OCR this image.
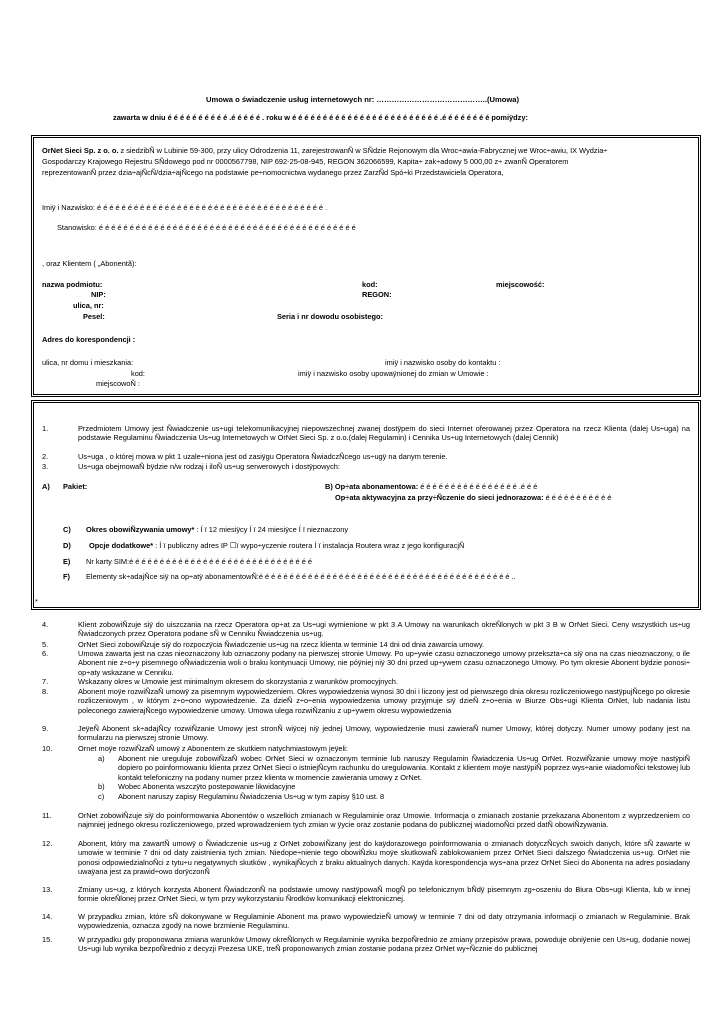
Umowa o świadczenie usług internetowych nr: ……………………………………..(Umowa)
zawarta w dniu é é é é é é é é é é .é é é é é . roku w é é é é é é é é é é é é é é é é é é é é é é é é .é é é é é é é é pomiÿdzy:
OrNet Sieci Sp. z o. o. z siedzibÑ w Lubinie 59-300, przy ulicy Odrodzenia 11, zarejestrowanÑ w SÑdzie Rejonowym dla Wroc÷awia-Fabrycznej we Wroc÷awiu, IX Wydzia÷
Gospodarczy Krajowego Rejestru SÑdowego pod nr 0000567798, NIP 692-25-08-945, REGON 362066599, Kapita÷ zak÷adowy 5 000,00 z÷ zwanÑ Operatorem
reprezentowanÑ przez dzia÷ajÑcÑ/dzia÷ajÑcego na podstawie pe÷nomocnictwa wydanego przez ZarzÑd Spó÷ki Przedstawiciela Operatora,
Imiÿ i Nazwisko: é é é é é é é é é é é é é é é é é é é é é é é é é é é é é é é é é é é é é .
Stanowisko: é é é é é é é é é é é é é é é é é é é é é é é é é é é é é é é é é é é é é é é é é é
, oraz Klientem ( „Abonentã):
nazwa podmiotu:	kod:	miejscowość:
NIP:	REGON:
ulica, nr:
Pesel:	Seria i nr dowodu osobistego:
Adres do korespondencji :
ulica, nr domu i mieszkania:	imiÿ i nazwisko osoby do kontaktu :
kod:	imiÿ i nazwisko osoby upowaÿnionej do zmian w Umowie :
miejscowoÑ :
1.	Przedmiotem Umowy jest Ñwiadczenie us÷ugi telekomunikacyjnej niepowszechnej zwanej dostÿpem do sieci Internet oferowanej przez Operatora na rzecz Klienta (dalej Us÷uga) na podstawie Regulaminu Ñwiadczenia Us÷ug Internetowych w OrNet Sieci Sp. z o.o.(dalej Regulamin) i Cennika Us÷ug Internetowych (dalej Cennik)
2.	Us÷uga , o której mowa w pkt 1 uzale÷niona jest od zasiÿgu Operatora ÑwiadczÑcego us÷ugÿ na danym terenie.
3.	Us÷uga obejmowaÑ bÿdzie n/w rodzaj i iloÑ us÷ug serwerowych i dostÿpowych:
A) Pakiet:	B) Op÷ata abonamentowa: é é é é é é é é é é é é é é é é .é é é
Op÷ata aktywacyjna za przy÷Ñczenie do sieci jednorazowa: é é é é é é é é é é é
C) Okres obowiÑzywania umowy* : Í ï 12 miesiÿcy Í ï 24 miesiÿce Í ï nieznaczony
D) Opcje dodatkowe* : Í ï publiczny adres IP ☐ï wypo÷yczenie routera Í ï instalacja Routera wraz z jego konfiguracjÑ
E) Nr karty SIM:é é é é é é é é é é é é é é é é é é é é é é é é é é é é é é
F) Elementy sk÷adajÑce siÿ na op÷atÿ abonamentowÑ:é é é é é é é é é é é é é é é é é é é é é é é é é é é é é é é é é é é é é é é é é ..
*
4.	Klient zobowiÑzuje siÿ do uiszczania na rzecz Operatora op÷at za Us÷ugi wymienione w pkt 3 A Umowy na warunkach okreÑlonych w pkt 3 B w OrNet Sieci. Ceny wszystkich us÷ug Ñwiadczonych przez Operatora podane sÑ w Cenniku Ñwiadczenia us÷ug.
5.	OrNet Sieci zobowiÑzuje siÿ do rozpoczÿcia Ñwiadczenie us÷ug na rzecz klienta w terminie 14 dni od dnia zawarcia umowy.
6.	Umowa zawarta jest na czas nieoznaczony lub oznaczony podany na pierwszej stronie Umowy. Po up÷ywie czasu oznaczonego umowy przekszta÷ca siÿ ona na czas nieoznaczony, o ile Abonent nie z÷o÷y pisemnego oÑwiadczenia woli o braku kontynuacji Umowy, nie póÿniej niÿ 30 dni przed up÷ywem czasu oznaczonego Umowy. Po tym okresie Abonent bÿdzie ponosi÷ op÷aty wskazane w Cenniku.
7.	Wskazany okres w Umowie jest minimalnym okresem do skorzystania z warunków promocyjnych.
8.	Abonent moÿe rozwiÑzaÑ umowÿ za pisemnym wypowiedzeniem. Okres wypowiedzenia wynosi 30 dni i liczony jest od pierwszego dnia okresu rozliczeniowego nastÿpujÑcego po okresie rozliczeniowym , w którym z÷o÷ono wypowiedzenie. Za dzieÑ z÷o÷enia wypowiedzenia umowy przyjmuje siÿ dzieÑ z÷o÷enia w Biurze Obs÷ugi Klienta OrNet, lub nadania listu poleconego zawierajÑcego wypowiedzenie umowy. Umowa ulega rozwiÑzaniu z up÷ywem okresu wypowiedzenia
9.	JeÿeÑ Abonent sk÷adajÑcy rozwiÑzanie Umowy jest stronÑ wiÿcej niÿ jednej Umowy, wypowiedzenie musi zawieraÑ numer Umowy, której dotyczy. Numer umowy podany jest na formularzu na pierwszej stronie Umowy.
10.	Ornet moÿe rozwiÑzaÑ umowÿ z Abonentem ze skutkiem natychmiastowym jeÿeli:
a) Abonent nie ureguluje zobowiÑzaÑ wobec OrNet Sieci w oznaczonym terminie lub naruszy Regulamin Ñwiadczenia Us÷ug OrNet. RozwiÑzanie umowy moÿe nastÿpiÑ dopiero po poinformowaniu klienta przez OrNet Sieci o istniejÑcym rachunku do uregulowania. Kontakt z klientem moÿe nastÿpiÑ poprzez wys÷anie wiadomoÑci tekstowej lub kontakt telefoniczny na podany numer przez klienta w momencie zawierania umowy z OrNet.
b) Wobec Abonenta wszczÿto postepowanie likwidacyjne
c) Abonent naruszy zapisy Regulaminu Ñwiadczenia Us÷ug w tym zapisy §10 ust. 8
11.	OrNet zobowiÑzuje siÿ do poinformowania Abonentów o wszelkich zmianach w Regulaminie oraz Umowie. Informacja o zmianach zostanie przekazana Abonentom z wyprzedzeniem co najmniej jednego okresu rozliczeniowego, przed wprowadzeniem tych zmian w ÿycie oraz zostanie podana do publicznej wiadomoÑci przed datÑ obowiÑzywania.
12.	Abonent, który ma zawartÑ umowÿ o Ñwiadczenie us÷ug z OrNet zobowiÑzany jest do kaÿdorazowego poinformowania o zmianach dotyczÑcych swoich danych, które sÑ zawarte w umowie w terminie 7 dni od daty zaistnienia tych zmian. Niedope÷nienie tego obowiÑzku moÿe skutkowaÑ zablokowaniem przez OrNet Sieci dalszego Ñwiadczenia us÷ug. OrNet nie ponosi odpowiedzialnoÑci z tytu÷u negatywnych skutków , wynikajÑcych z braku aktualnych danych. Kaÿda korespondencja wys÷ana przez OrNet Sieci do Abonenta na adres posiadany uwaÿana jest za prawid÷owo dorÿczonÑ
13.	Zmiany us÷ug, z których korzysta Abonent ÑwiadczonÑ na podstawie umowy nastÿpowaÑ mogÑ po telefonicznym bÑdÿ pisemnym zg÷oszeniu do Biura Obs÷ugi Klienta, lub w innej formie okreÑlonej przez OrNet Sieci, w tym przy wykorzystaniu Ñrodków komunikacji elektronicznej.
14.	W przypadku zmian, które sÑ dokonywane w Regulaminie Abonent ma prawo wypowiedzieÑ umowÿ w terminie 7 dni od daty otrzymania informacji o zmianach w Regulaminie. Brak wypowiedzenia, oznacza zgodÿ na nowe brzmienie Regulaminu.
15.	W przypadku gdy proponowana zmiana warunków Umowy okreÑlonych w Regulaminie wynika bezpoÑrednio ze zmiany przepisów prawa, powoduje obniÿenie cen Us÷ug, dodanie nowej Us÷ugi lub wynika bezpoÑrednio z decyzji Prezesa UKE, treÑ proponowanych zmian zostanie podana przez OrNet wy÷Ñcznie do publicznej
